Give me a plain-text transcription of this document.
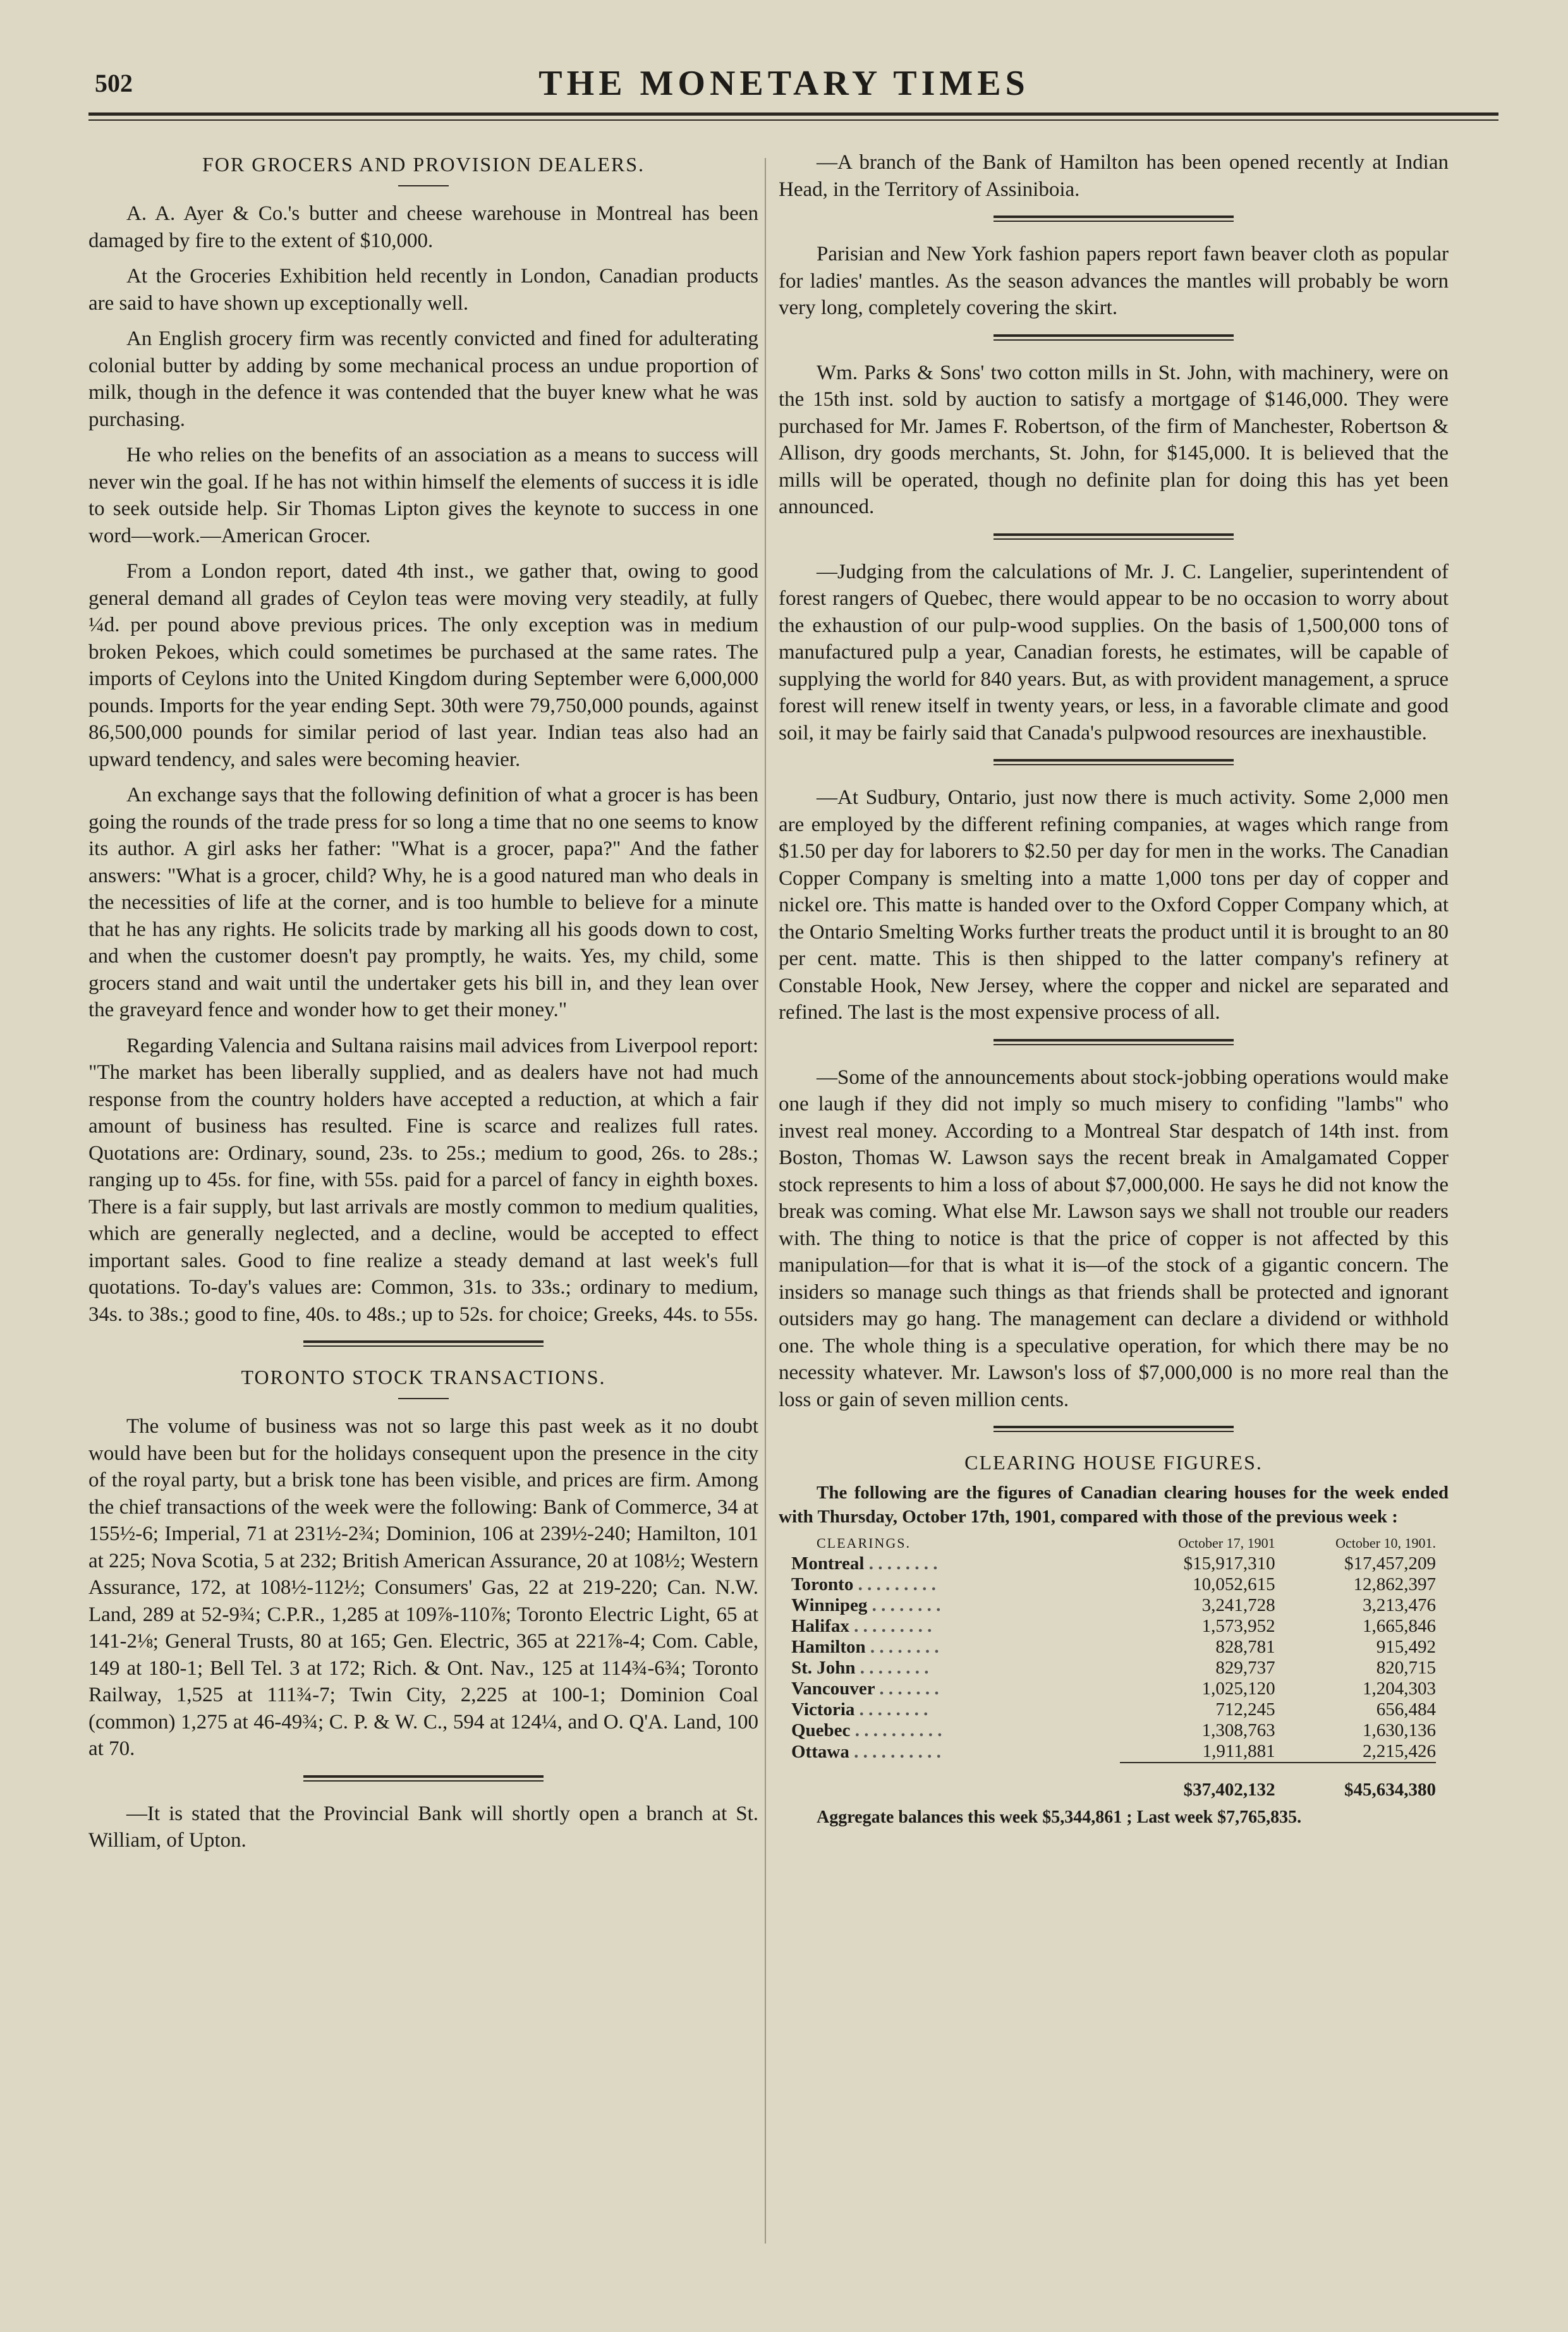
502	THE MONETARY TIMES
FOR GROCERS AND PROVISION DEALERS.

A. A. Ayer & Co.'s butter and cheese warehouse in Montreal has been damaged by fire to the extent of $10,000.

At the Groceries Exhibition held recently in London, Canadian products are said to have shown up exceptionally well.

An English grocery firm was recently convicted and fined for adulterating colonial butter by adding by some mechanical process an undue proportion of milk, though in the defence it was contended that the buyer knew what he was purchasing.

He who relies on the benefits of an association as a means to success will never win the goal. If he has not within himself the elements of success it is idle to seek outside help. Sir Thomas Lipton gives the keynote to success in one word—work.—American Grocer.

From a London report, dated 4th inst., we gather that, owing to good general demand all grades of Ceylon teas were moving very steadily, at fully ¼d. per pound above previous prices. The only exception was in medium broken Pekoes, which could sometimes be purchased at the same rates. The imports of Ceylons into the United Kingdom during September were 6,000,000 pounds. Imports for the year ending Sept. 30th were 79,750,000 pounds, against 86,500,000 pounds for similar period of last year. Indian teas also had an upward tendency, and sales were becoming heavier.

An exchange says that the following definition of what a grocer is has been going the rounds of the trade press for so long a time that no one seems to know its author. A girl asks her father: "What is a grocer, papa?" And the father answers: "What is a grocer, child? Why, he is a good natured man who deals in the necessities of life at the corner, and is too humble to believe for a minute that he has any rights. He solicits trade by marking all his goods down to cost, and when the customer doesn't pay promptly, he waits. Yes, my child, some grocers stand and wait until the undertaker gets his bill in, and they lean over the graveyard fence and wonder how to get their money."

Regarding Valencia and Sultana raisins mail advices from Liverpool report: "The market has been liberally supplied, and as dealers have not had much response from the country holders have accepted a reduction, at which a fair amount of business has resulted. Fine is scarce and realizes full rates. Quotations are: Ordinary, sound, 23s. to 25s.; medium to good, 26s. to 28s.; ranging up to 45s. for fine, with 55s. paid for a parcel of fancy in eighth boxes. There is a fair supply, but last arrivals are mostly common to medium qualities, which are generally neglected, and a decline, would be accepted to effect important sales. Good to fine realize a steady demand at last week's full quotations. To-day's values are: Common, 31s. to 33s.; ordinary to medium, 34s. to 38s.; good to fine, 40s. to 48s.; up to 52s. for choice; Greeks, 44s. to 55s.

TORONTO STOCK TRANSACTIONS.

The volume of business was not so large this past week as it no doubt would have been but for the holidays consequent upon the presence in the city of the royal party, but a brisk tone has been visible, and prices are firm. Among the chief transactions of the week were the following: Bank of Commerce, 34 at 155½-6; Imperial, 71 at 231½-2¾; Dominion, 106 at 239½-240; Hamilton, 101 at 225; Nova Scotia, 5 at 232; British American Assurance, 20 at 108½; Western Assurance, 172, at 108½-112½; Consumers' Gas, 22 at 219-220; Can. N.W. Land, 289 at 52-9¾; C.P.R., 1,285 at 109⅞-110⅞; Toronto Electric Light, 65 at 141-2⅛; General Trusts, 80 at 165; Gen. Electric, 365 at 221⅞-4; Com. Cable, 149 at 180-1; Bell Tel. 3 at 172; Rich. & Ont. Nav., 125 at 114¾-6¾; Toronto Railway, 1,525 at 111¾-7; Twin City, 2,225 at 100-1; Dominion Coal (common) 1,275 at 46-49¾; C. P. & W. C., 594 at 124¼, and O. Q'A. Land, 100 at 70.

—It is stated that the Provincial Bank will shortly open a branch at St. William, of Upton.

—A branch of the Bank of Hamilton has been opened recently at Indian Head, in the Territory of Assiniboia.

Parisian and New York fashion papers report fawn beaver cloth as popular for ladies' mantles. As the season advances the mantles will probably be worn very long, completely covering the skirt.

Wm. Parks & Sons' two cotton mills in St. John, with machinery, were on the 15th inst. sold by auction to satisfy a mortgage of $146,000. They were purchased for Mr. James F. Robertson, of the firm of Manchester, Robertson & Allison, dry goods merchants, St. John, for $145,000. It is believed that the mills will be operated, though no definite plan for doing this has yet been announced.

—Judging from the calculations of Mr. J. C. Langelier, superintendent of forest rangers of Quebec, there would appear to be no occasion to worry about the exhaustion of our pulp-wood supplies. On the basis of 1,500,000 tons of manufactured pulp a year, Canadian forests, he estimates, will be capable of supplying the world for 840 years. But, as with provident management, a spruce forest will renew itself in twenty years, or less, in a favorable climate and good soil, it may be fairly said that Canada's pulpwood resources are inexhaustible.

—At Sudbury, Ontario, just now there is much activity. Some 2,000 men are employed by the different refining companies, at wages which range from $1.50 per day for laborers to $2.50 per day for men in the works. The Canadian Copper Company is smelting into a matte 1,000 tons per day of copper and nickel ore. This matte is handed over to the Oxford Copper Company which, at the Ontario Smelting Works further treats the product until it is brought to an 80 per cent. matte. This is then shipped to the latter company's refinery at Constable Hook, New Jersey, where the copper and nickel are separated and refined. The last is the most expensive process of all.

—Some of the announcements about stock-jobbing operations would make one laugh if they did not imply so much misery to confiding "lambs" who invest real money. According to a Montreal Star despatch of 14th inst. from Boston, Thomas W. Lawson says the recent break in Amalgamated Copper stock represents to him a loss of about $7,000,000. He says he did not know the break was coming. What else Mr. Lawson says we shall not trouble our readers with. The thing to notice is that the price of copper is not affected by this manipulation—for that is what it is—of the stock of a gigantic concern. The insiders so manage such things as that friends shall be protected and ignorant outsiders may go hang. The management can declare a dividend or withhold one. The whole thing is a speculative operation, for which there may be no necessity whatever. Mr. Lawson's loss of $7,000,000 is no more real than the loss or gain of seven million cents.

CLEARING HOUSE FIGURES.

The following are the figures of Canadian clearing houses for the week ended with Thursday, October 17th, 1901, compared with those of the previous week :

CLEARINGS.	October 17, 1901	October 10, 1901.
Montreal . . . . . . . .	$15,917,310	$17,457,209
Toronto . . . . . . . . .	10,052,615	12,862,397
Winnipeg . . . . . . . .	3,241,728	3,213,476
Halifax . . . . . . . . .	1,573,952	1,665,846
Hamilton . . . . . . . .	828,781	915,492
St. John . . . . . . . .	829,737	820,715
Vancouver . . . . . . .	1,025,120	1,204,303
Victoria . . . . . . . .	712,245	656,484
Quebec . . . . . . . . . .	1,308,763	1,630,136
Ottawa . . . . . . . . . .	1,911,881	2,215,426
	$37,402,132	$45,634,380

Aggregate balances this week $5,344,861 ; Last week $7,765,835.
